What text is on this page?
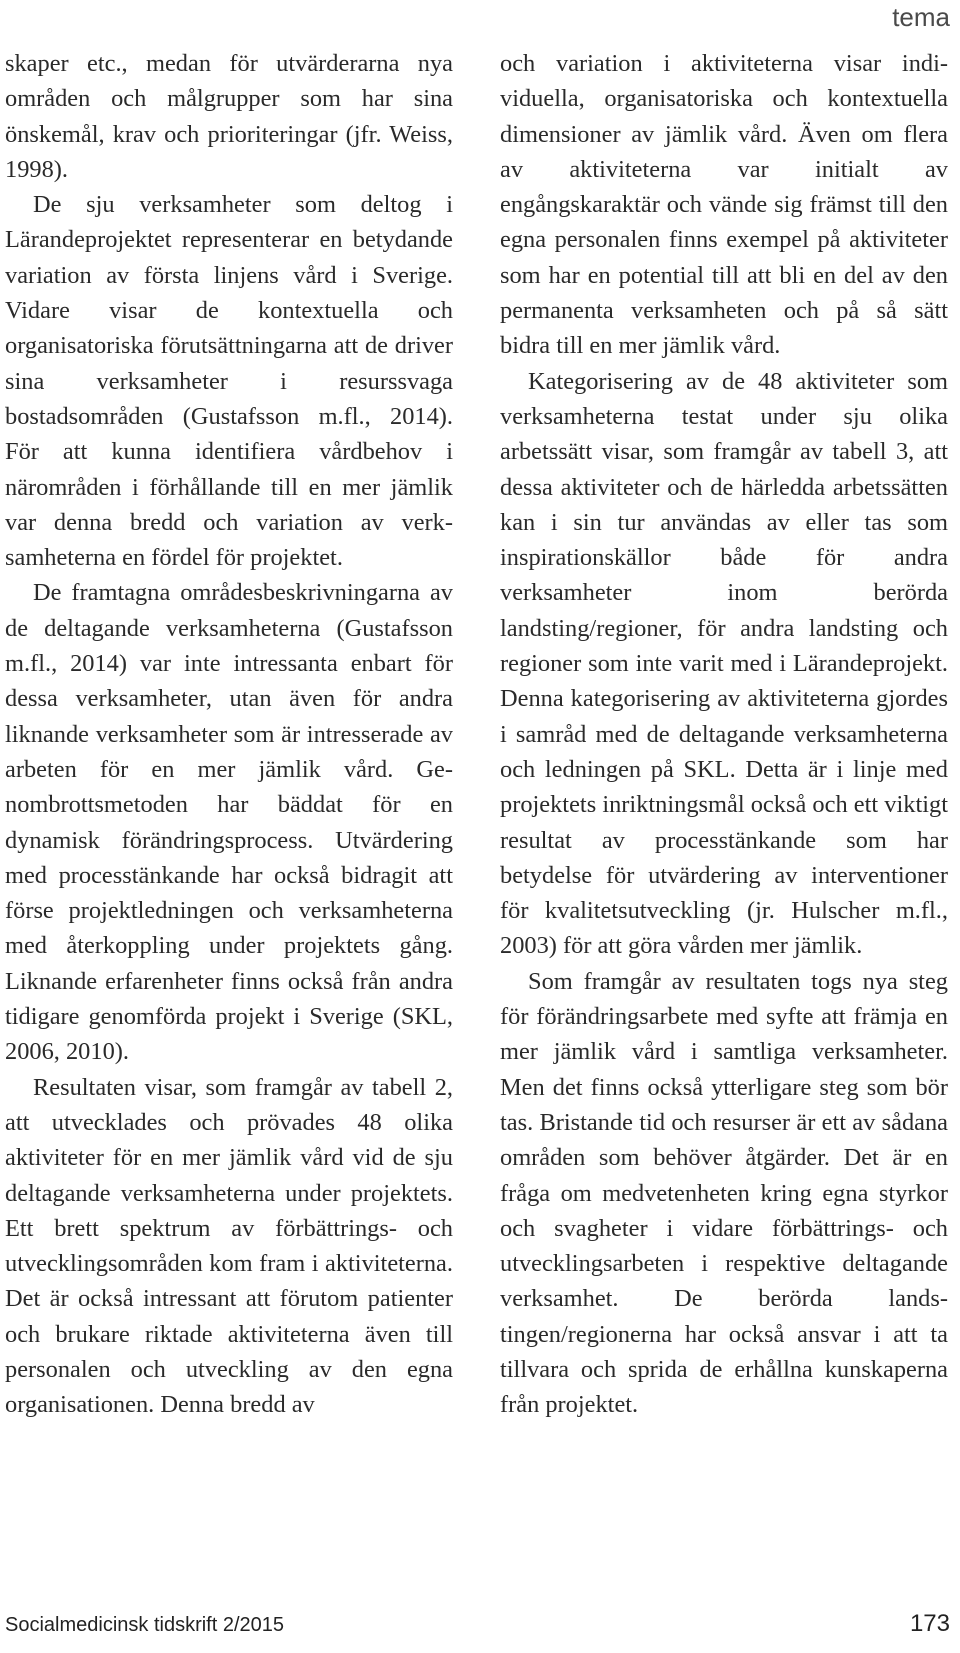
tema

skaper etc., medan för utvärderarna nya områden och målgrupper som har sina önskemål, krav och prioriteringar (jfr. Weiss, 1998).

De sju verksamheter som deltog i Lärandeprojektet representerar en betydande variation av första linjens vård i Sverige. Vidare visar de kontextuella och organisatoriska förutsättningarna att de driver sina verksamheter i resurssvaga bostadsområden (Gustafsson m.fl., 2014). För att kunna identifiera vårdbehov i närområden i förhållande till en mer jämlik var denna bredd och variation av verksamheterna en fördel för projektet.

De framtagna områdesbeskrivningarna av de deltagande verksamheterna (Gustafsson m.fl., 2014) var inte intressanta enbart för dessa verksamheter, utan även för andra liknande verksamheter som är intresserade av arbeten för en mer jämlik vård. Genombrottsmetoden har bäddat för en dynamisk förändringsprocess. Utvärdering med processtänkande har också bidragit att förse projektledningen och verksamheterna med återkoppling under projektets gång. Liknande erfarenheter finns också från andra tidigare genomförda projekt i Sverige (SKL, 2006, 2010).

Resultaten visar, som framgår av tabell 2, att utvecklades och prövades 48 olika aktiviteter för en mer jämlik vård vid de sju deltagande verksamheterna under projektets. Ett brett spektrum av förbättrings- och utvecklingsområden kom fram i aktiviteterna. Det är också intressant att förutom patienter och brukare riktade aktiviteterna även till personalen och utveckling av den egna organisationen. Denna bredd av

och variation i aktiviteterna visar individuella, organisatoriska och kontextuella dimensioner av jämlik vård. Även om flera av aktiviteterna var initialt av engångskaraktär och vände sig främst till den egna personalen finns exempel på aktiviteter som har en potential till att bli en del av den permanenta verksamheten och på så sätt bidra till en mer jämlik vård.

Kategorisering av de 48 aktiviteter som verksamheterna testat under sju olika arbetssätt visar, som framgår av tabell 3, att dessa aktiviteter och de härledda arbetssätten kan i sin tur användas av eller tas som inspirationskällor både för andra verksamheter inom berörda landsting/regioner, för andra landsting och regioner som inte varit med i Lärandeprojekt. Denna kategorisering av aktiviteterna gjordes i samråd med de deltagande verksamheterna och ledningen på SKL. Detta är i linje med projektets inriktningsmål också och ett viktigt resultat av processtänkande som har betydelse för utvärdering av interventioner för kvalitetsutveckling (jr. Hulscher m.fl., 2003) för att göra vården mer jämlik.

Som framgår av resultaten togs nya steg för förändringsarbete med syfte att främja en mer jämlik vård i samtliga verksamheter. Men det finns också ytterligare steg som bör tas. Bristande tid och resurser är ett av sådana områden som behöver åtgärder. Det är en fråga om medvetenheten kring egna styrkor och svagheter i vidare förbättrings- och utvecklingsarbeten i respektive deltagande verksamhet. De berörda landstingen/regionerna har också ansvar i att ta tillvara och sprida de erhållna kunskaperna från projektet.

Socialmedicinsk tidskrift 2/2015	173
